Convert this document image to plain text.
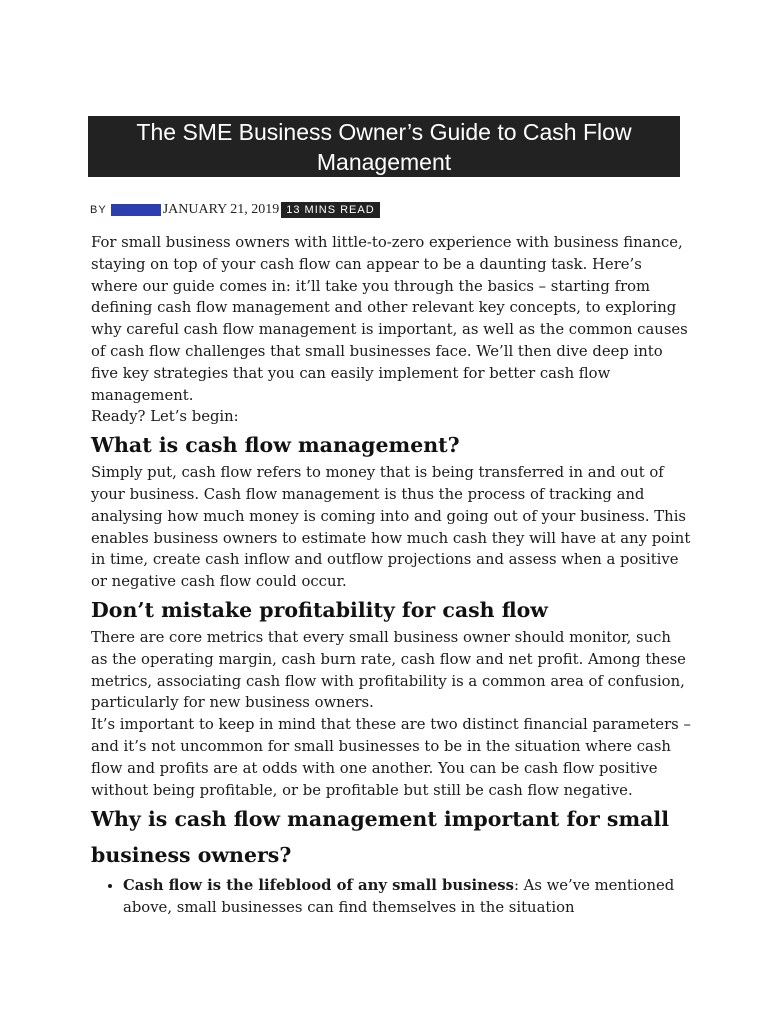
The SME Business Owner’s Guide to Cash Flow Management
BY admin	JANUARY 21, 2019 13 MINS READ

For small business owners with little-to-zero experience with business finance, staying on top of your cash flow can appear to be a daunting task. Here’s where our guide comes in: it’ll take you through the basics – starting from defining cash flow management and other relevant key concepts, to exploring why careful cash flow management is important, as well as the common causes of cash flow challenges that small businesses face. We’ll then dive deep into five key strategies that you can easily implement for better cash flow management.

Ready? Let’s begin:

What is cash flow management?

Simply put, cash flow refers to money that is being transferred in and out of your business. Cash flow management is thus the process of tracking and analysing how much money is coming into and going out of your business. This enables business owners to estimate how much cash they will have at any point in time, create cash inflow and outflow projections and assess when a positive or negative cash flow could occur.

Don’t mistake profitability for cash flow

There are core metrics that every small business owner should monitor, such as the operating margin, cash burn rate, cash flow and net profit. Among these metrics, associating cash flow with profitability is a common area of confusion, particularly for new business owners.

It’s important to keep in mind that these are two distinct financial parameters – and it’s not uncommon for small businesses to be in the situation where cash flow and profits are at odds with one another. You can be cash flow positive without being profitable, or be profitable but still be cash flow negative.

Why is cash flow management important for small business owners?
• Cash flow is the lifeblood of any small business: As we’ve mentioned above, small businesses can find themselves in the situation
